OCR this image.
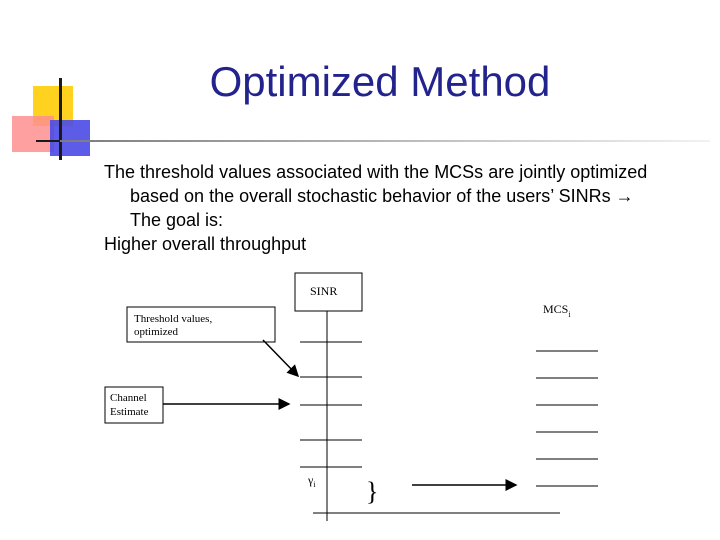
Optimized Method
The threshold values associated with the MCSs are jointly optimized based on the overall stochastic behavior of the users’ SINRs → The goal is:
Higher overall throughput
SINR
$MCS_i$
Threshold values,
optimized
Channel
Estimate
$\gamma_i$ }
